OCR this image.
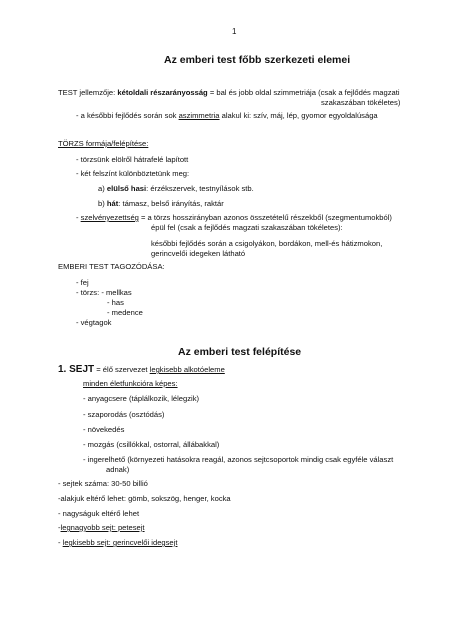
1
Az emberi test főbb szerkezeti elemei
TEST jellemzője: kétoldali részarányosság = bal és jobb oldal szimmetriája (csak a fejlődés magzati
szakaszában tökéletes)
- a későbbi fejlődés során sok aszimmetria alakul ki: szív, máj, lép, gyomor egyoldalúsága
TÖRZS formája/felépítése:
- törzsünk elölről hátrafelé lapított
- két felszínt különböztetünk meg:
a) elülső hasi: érzékszervek, testnyílások stb.
b) hát: támasz, belső irányítás, raktár
- szelvényezettség = a törzs hosszirányban azonos összetételű részekből (szegmentumokból)
épül fel (csak a fejlődés magzati szakaszában tökéletes):
későbbi fejlődés során a csigolyákon, bordákon, mell-és hátizmokon,
gerincvelői idegeken látható
EMBERI TEST TAGOZÓDÁSA:
- fej
- törzs: - mellkas
- has
- medence
- végtagok
Az emberi test felépítése
1. SEJT = élő szervezet legkisebb alkotóeleme
minden életfunkcióra képes:
- anyagcsere (táplálkozik, lélegzik)
- szaporodás (osztódás)
- növekedés
- mozgás (csillókkal, ostorral, állábakkal)
- ingerelhető (környezeti hatásokra reagál, azonos sejtcsoportok mindig csak egyféle választ
adnak)
- sejtek száma: 30-50 billió
-alakjuk eltérő lehet: gömb, sokszög, henger, kocka
- nagyságuk eltérő lehet
-legnagyobb sejt: petesejt
- legkisebb sejt: gerincvelői idegsejt
